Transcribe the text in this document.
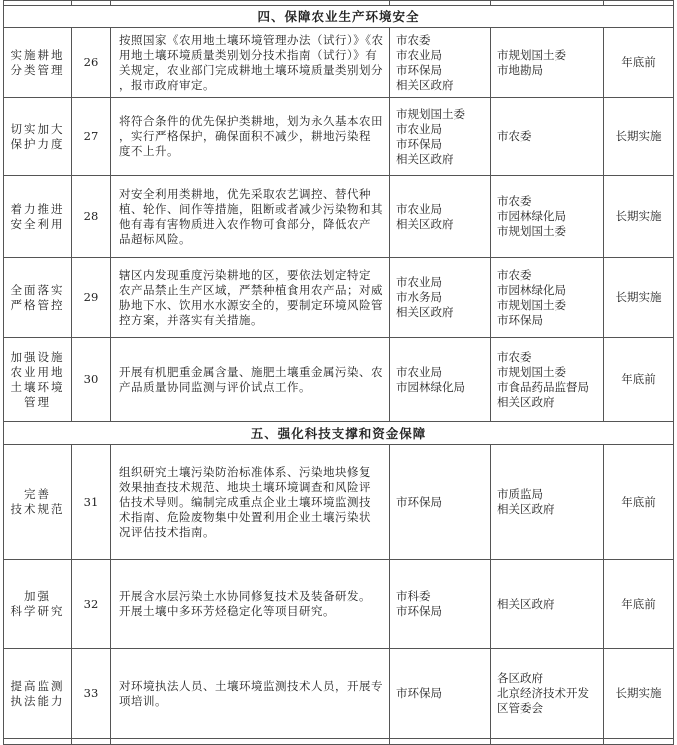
四、保障农业生产环境安全					

实施耕地
分类管理	26	按照国家《农用地土壤环境管理办法（试行）》《农
用地土壤环境质量类别划分技术指南（试行）》有
关规定，农业部门完成耕地土壤环境质量类别划分
，报市政府审定。	市农委
市农业局
市环保局
相关区政府	市规划国土委
市地勘局	年底前

切实加大
保护力度	27	将符合条件的优先保护类耕地，划为永久基本农田
，实行严格保护，确保面积不减少，耕地污染程
度不上升。	市规划国土委
市农业局
市环保局
相关区政府	市农委	长期实施

着力推进
安全利用	28	对安全利用类耕地，优先采取农艺调控、替代种
植、轮作、间作等措施，阻断或者减少污染物和其
他有毒有害物质进入农作物可食部分，降低农产
品超标风险。	市农业局
相关区政府	市农委
市园林绿化局
市规划国土委	长期实施

全面落实
严格管控	29	辖区内发现重度污染耕地的区，要依法划定特定
农产品禁止生产区域，严禁种植食用农产品；对威
胁地下水、饮用水水源安全的，要制定环境风险管
控方案，并落实有关措施。	市农业局
市水务局
相关区政府	市农委
市园林绿化局
市规划国土委
市环保局	长期实施

加强设施
农业用地
土壤环境
管理	30	开展有机肥重金属含量、施肥土壤重金属污染、农
产品质量协同监测与评价试点工作。	市农业局
市园林绿化局	市农委
市规划国土委
市食品药品监督局
相关区政府	年底前
五、强化科技支撑和资金保障					

完善
技术规范	31	组织研究土壤污染防治标准体系、污染地块修复
效果抽查技术规范、地块土壤环境调查和风险评
估技术导则。编制完成重点企业土壤环境监测技
术指南、危险废物集中处置利用企业土壤污染状
况评估技术指南。	市环保局	市质监局
相关区政府	年底前

加强
科学研究	32	开展含水层污染土水协同修复技术及装备研发。
开展土壤中多环芳烃稳定化等项目研究。	市科委
市环保局	相关区政府	年底前

提高监测
执法能力	33	对环境执法人员、土壤环境监测技术人员，开展专
项培训。	市环保局	各区政府
北京经济技术开发
区管委会	长期实施
